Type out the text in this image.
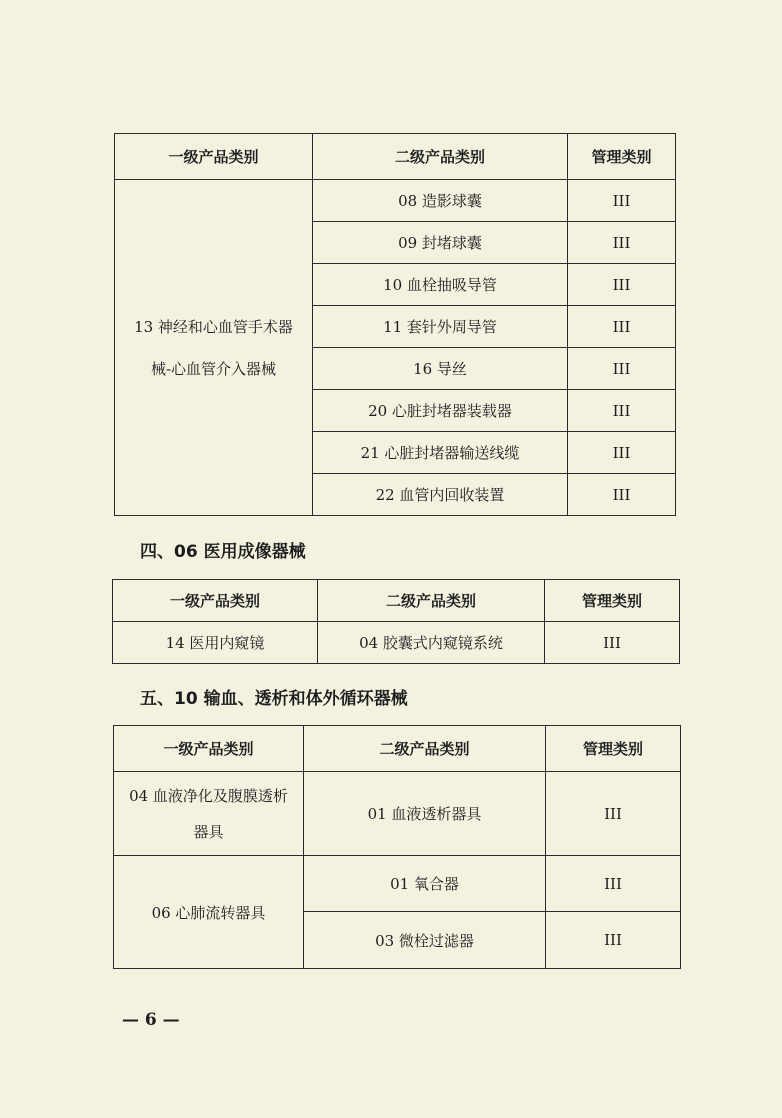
一级产品类别	二级产品类别	管理类别
13 神经和心血管手术器械-心血管介入器械	08 造影球囊	III
	09 封堵球囊	III
	10 血栓抽吸导管	III
	11 套针外周导管	III
	16 导丝	III
	20 心脏封堵器装载器	III
	21 心脏封堵器输送线缆	III
	22 血管内回收装置	III
四、06 医用成像器械
一级产品类别	二级产品类别	管理类别
14 医用内窥镜	04 胶囊式内窥镜系统	III
五、10 输血、透析和体外循环器械
一级产品类别	二级产品类别	管理类别
04 血液净化及腹膜透析器具	01 血液透析器具	III
06 心肺流转器具	01 氧合器	III
	03 微栓过滤器	III
— 6 —
